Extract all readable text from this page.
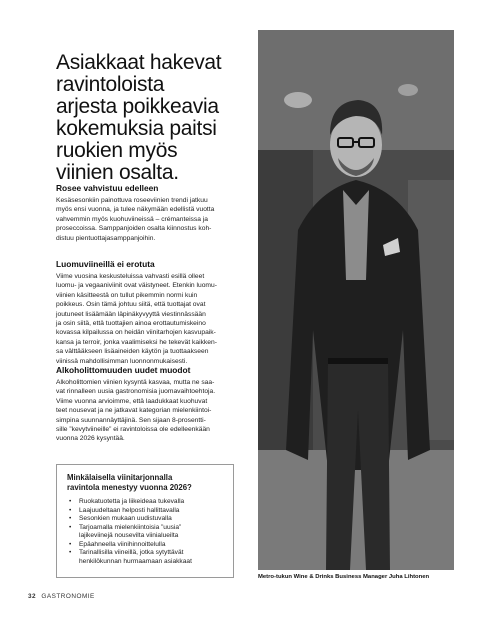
Asiakkaat hakevat
ravintoloista
arjesta poikkeavia
kokemuksia paitsi
ruokien myös
viinien osalta.
Rosee vahvistuu edelleen

Kesäsesonkiin painottuva roseeviinien trendi jatkuu
myös ensi vuonna, ja tulee näkymään edellistä vuotta
vahvemmin myös kuohuviineissä – crémanteissa ja
proseccoissa. Samppanjoiden osalta kiinnostus koh-
distuu pientuottajasamppanjoihin.

Luomuviineillä ei erotuta

Viime vuosina keskusteluissa vahvasti esillä olleet
luomu- ja vegaaniviinit ovat väistyneet. Etenkin luomu-
viinien käsitteestä on tullut pikemmin normi kuin
poikkeus. Osin tämä johtuu siitä, että tuottajat ovat
joutuneet lisäämään läpinäkyvyyttä viestinnässään
ja osin siitä, että tuottajien ainoa erottautumiskeino
kovassa kilpailussa on heidän viinitarhojen kasvupaik-
kansa ja terroir, jonka vaalimiseksi he tekevät kaikken-
sa välttääkseen lisäaineiden käytön ja tuottaakseen
viinissä mahdollisimman luonnonmukaisesti.

Alkoholittomuuden uudet muodot

Alkoholittomien viinien kysyntä kasvaa, mutta ne saa-
vat rinnalleen uusia gastronomisia juomavaihtoehtoja.
Viime vuonna arvioimme, että laadukkaat kuohuvat
teet nousevat ja ne jatkavat kategorian mielenkiintoi-
simpina suunnannäyttäjinä. Sen sijaan 8-prosentti-
sille ”kevytviineille” ei ravintoloissa ole edelleenkään
vuonna 2026 kysyntää.

Minkälaisella viinitarjonnalla
ravintola menestyy vuonna 2026?
• Ruokatuotetta ja liikeideaa tukevalla
• Laajuudeltaan helposti hallittavalla
• Sesonkien mukaan uudistuvalla
• Tarjoamalla mielenkiintoisia ”uusia”
lajikeviinejä nousevilta viinialueilta
• Epäahneella viinihinnoittelulla
• Tarinallisilla viineillä, jotka sytyttävät
henkilökunnan hurmaamaan asiakkaat

Metro-tukun Wine & Drinks Business Manager Juha Lihtonen

32 GASTRONOMIE
